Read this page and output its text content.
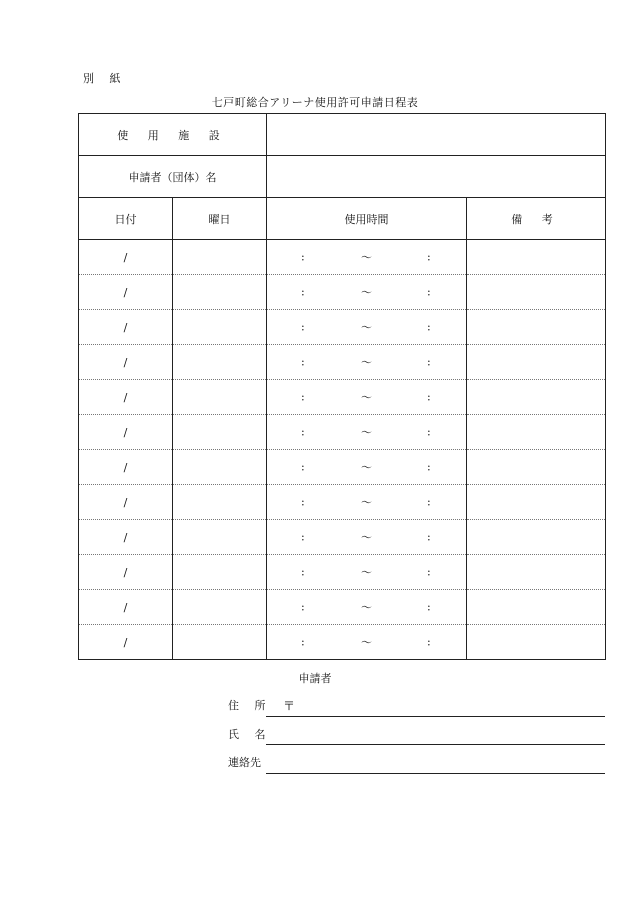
別 紙
七戸町総合アリーナ使用許可申請日程表
使 用 施 設			
申請者（団体）名			
日付	曜日	使用時間	備 考
/		: 〜 :	

/		: 〜 :	

/		: 〜 :	

/		: 〜 :	

/		: 〜 :	

/		: 〜 :	

/		: 〜 :	

/		: 〜 :	

/		: 〜 :	

/		: 〜 :	

/		: 〜 :	

/		: 〜 :	

申請者
住 所 〒
氏 名
連絡先
